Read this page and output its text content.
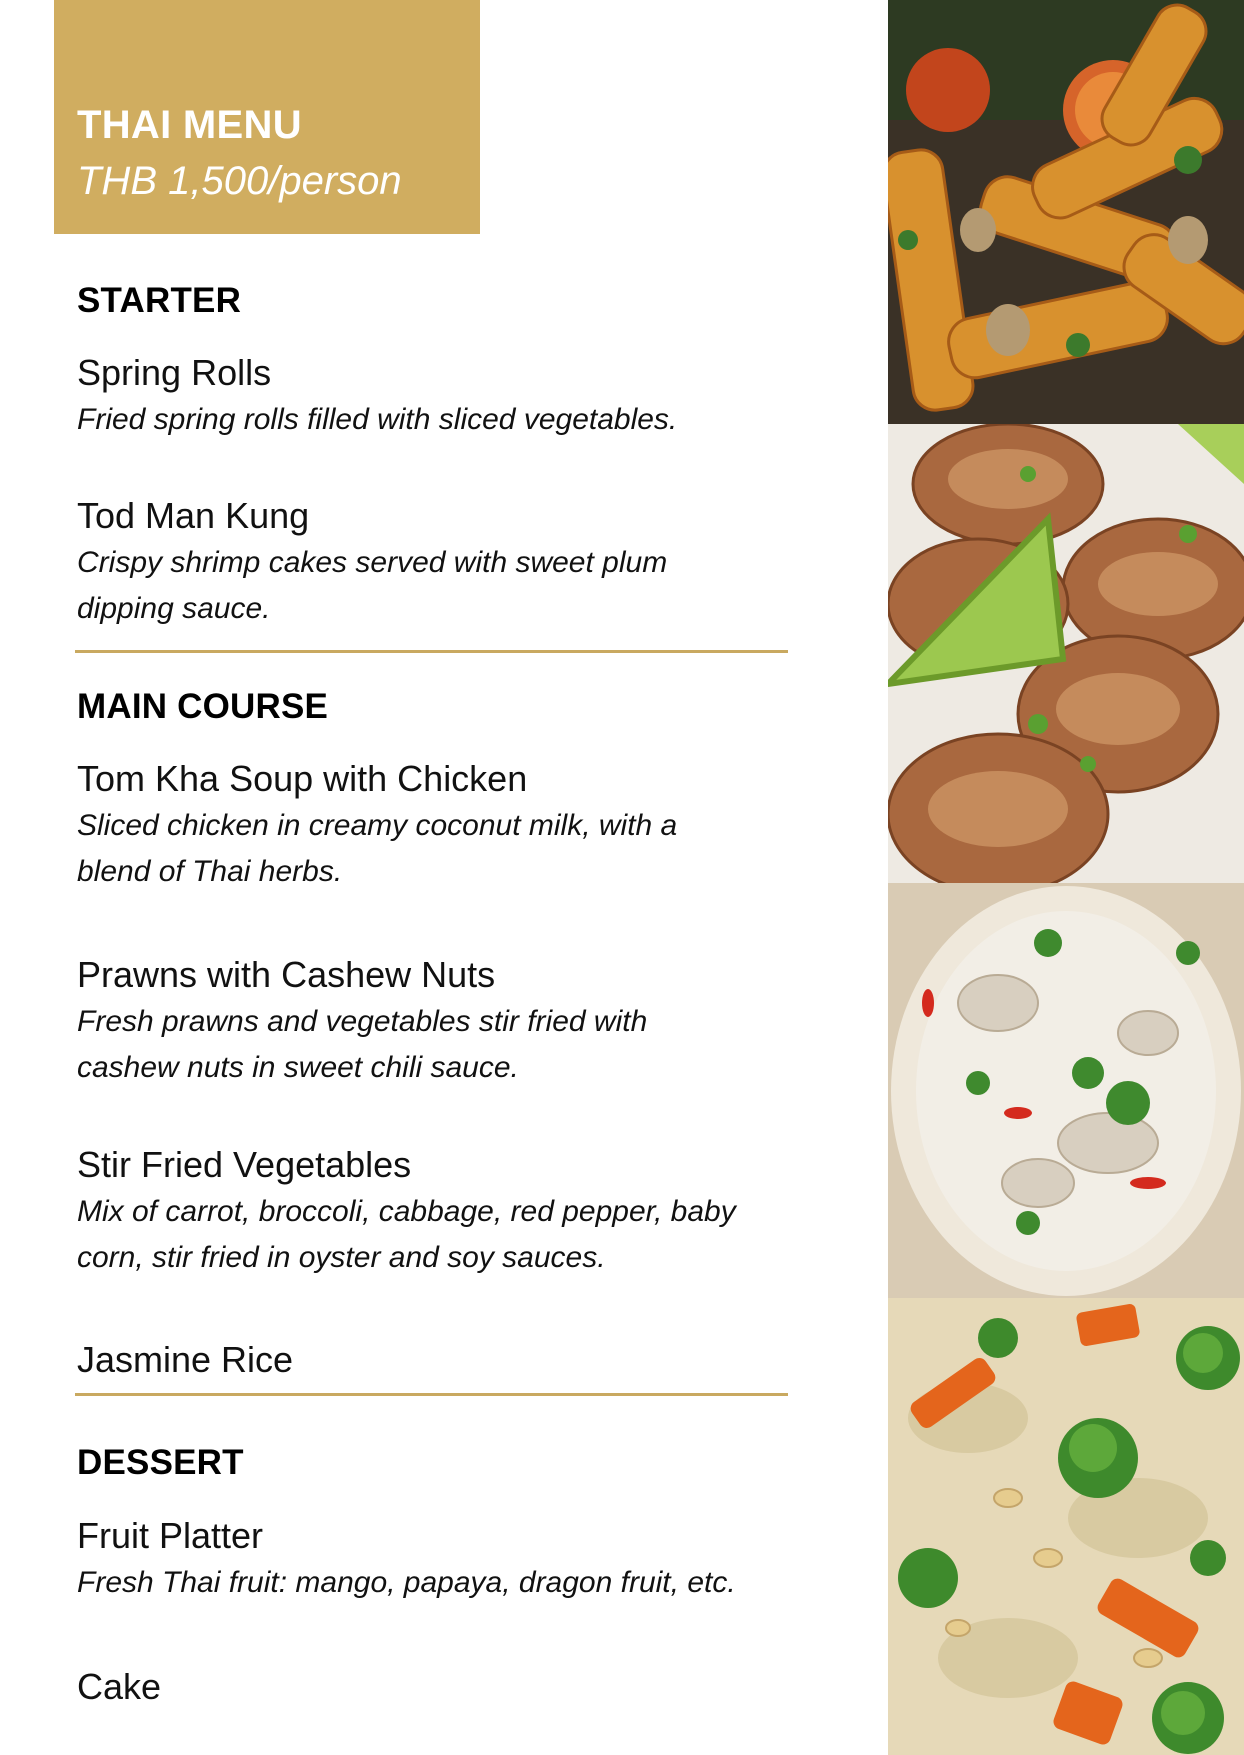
THAI MENU
THB 1,500/person
STARTER
Spring Rolls
Fried spring rolls filled with sliced vegetables.
Tod Man Kung
Crispy shrimp cakes served with sweet plum dipping sauce.
MAIN COURSE
Tom Kha Soup with Chicken
Sliced chicken in creamy coconut milk, with a blend of Thai herbs.
Prawns with Cashew Nuts
Fresh prawns and vegetables stir fried with cashew nuts in sweet chili sauce.
Stir Fried Vegetables
Mix of carrot, broccoli, cabbage, red pepper, baby corn, stir fried in oyster and soy sauces.
Jasmine Rice
DESSERT
Fruit Platter
Fresh Thai fruit: mango, papaya, dragon fruit, etc.
Cake
